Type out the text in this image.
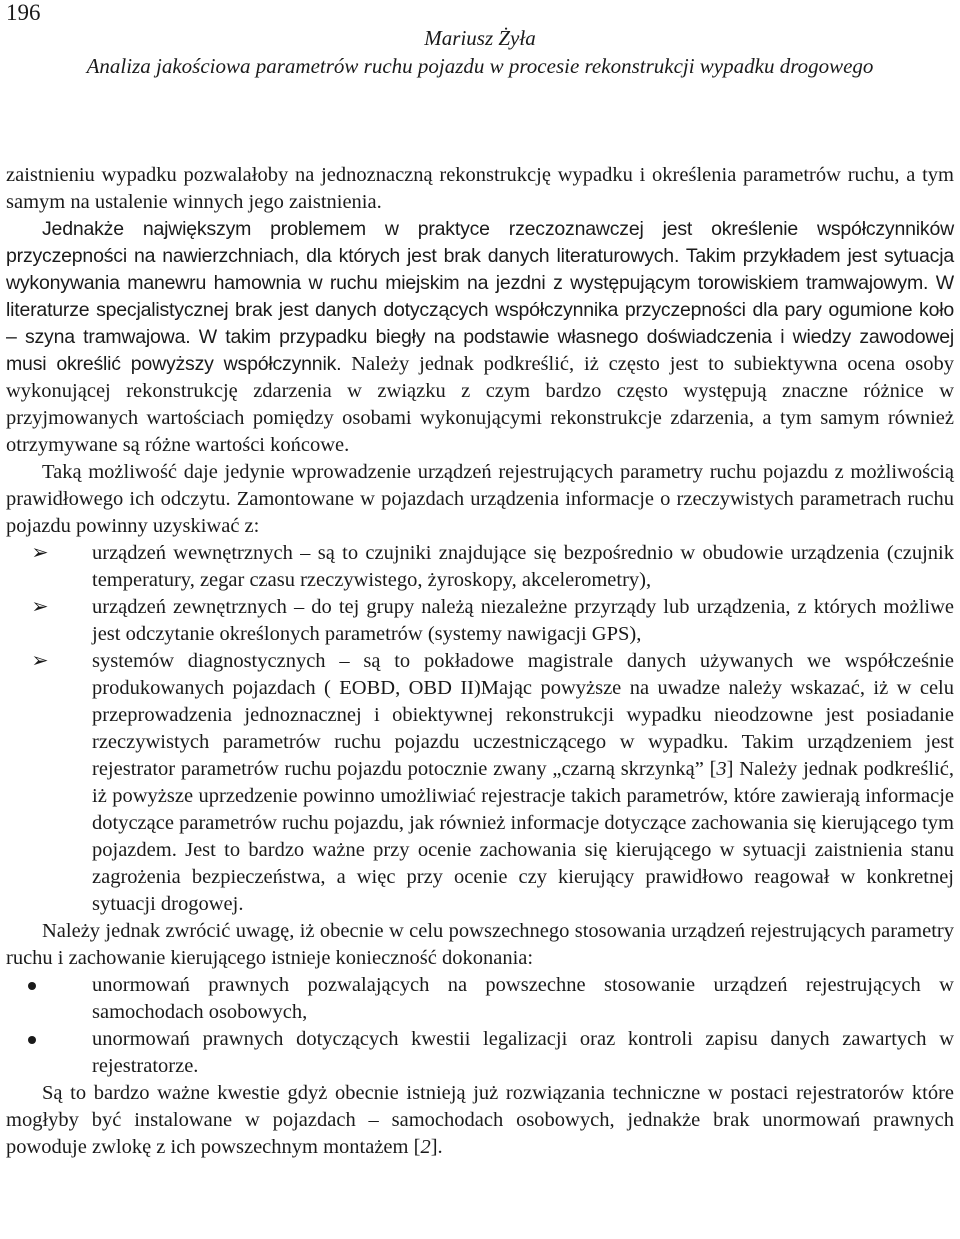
196
Mariusz Żyła
Analiza jakościowa parametrów ruchu pojazdu w procesie rekonstrukcji wypadku drogowego

zaistnieniu wypadku pozwalałoby na jednoznaczną rekonstrukcję wypadku i określenia parametrów ruchu, a tym samym na ustalenie winnych jego zaistnienia.

Jednakże największym problemem w praktyce rzeczoznawczej jest określenie współczynników przyczepności na nawierzchniach, dla których jest brak danych literaturowych. Takim przykładem jest sytuacja wykonywania manewru hamownia w ruchu miejskim na jezdni z występującym torowiskiem tramwajowym. W literaturze specjalistycznej brak jest danych dotyczących współczynnika przyczepności dla pary ogumione koło – szyna tramwajowa. W takim przypadku biegły na podstawie własnego doświadczenia i wiedzy zawodowej musi określić powyższy współczynnik. Należy jednak podkreślić, iż często jest to subiektywna ocena osoby wykonującej rekonstrukcję zdarzenia w związku z czym bardzo często występują znaczne różnice w przyjmowanych wartościach pomiędzy osobami wykonującymi rekonstrukcje zdarzenia, a tym samym również otrzymywane są różne wartości końcowe.

Taką możliwość daje jedynie wprowadzenie urządzeń rejestrujących parametry ruchu pojazdu z możliwością prawidłowego ich odczytu. Zamontowane w pojazdach urządzenia informacje o rzeczywistych parametrach ruchu pojazdu powinny uzyskiwać z:

➢	urządzeń wewnętrznych – są to czujniki znajdujące się bezpośrednio w obudowie urządzenia (czujnik temperatury, zegar czasu rzeczywistego, żyroskopy, akcelerometry),
➢	urządzeń zewnętrznych – do tej grupy należą niezależne przyrządy lub urządzenia, z których możliwe jest odczytanie określonych parametrów (systemy nawigacji GPS),
➢	systemów diagnostycznych – są to pokładowe magistrale danych używanych we współcześnie produkowanych pojazdach ( EOBD, OBD II)Mając powyższe na uwadze należy wskazać, iż w celu przeprowadzenia jednoznacznej i obiektywnej rekonstrukcji wypadku nieodzowne jest posiadanie rzeczywistych parametrów ruchu pojazdu uczestniczącego w wypadku. Takim urządzeniem jest rejestrator parametrów ruchu pojazdu potocznie zwany „czarną skrzynką” [3] Należy jednak podkreślić, iż powyższe uprzedzenie powinno umożliwiać rejestracje takich parametrów, które zawierają informacje dotyczące parametrów ruchu pojazdu, jak również informacje dotyczące zachowania się kierującego tym pojazdem. Jest to bardzo ważne przy ocenie zachowania się kierującego w sytuacji zaistnienia stanu zagrożenia bezpieczeństwa, a więc przy ocenie czy kierujący prawidłowo reagował w konkretnej sytuacji drogowej.

Należy jednak zwrócić uwagę, iż obecnie w celu powszechnego stosowania urządzeń rejestrujących parametry ruchu i zachowanie kierującego istnieje konieczność dokonania:

unormowań prawnych pozwalających na powszechne stosowanie urządzeń rejestrujących w samochodach osobowych,
unormowań prawnych dotyczących kwestii legalizacji oraz kontroli zapisu danych zawartych w rejestratorze.

Są to bardzo ważne kwestie gdyż obecnie istnieją już rozwiązania techniczne w postaci rejestratorów które mogłyby być instalowane w pojazdach – samochodach osobowych, jednakże brak unormowań prawnych powoduje zwlokę z ich powszechnym montażem [2].
